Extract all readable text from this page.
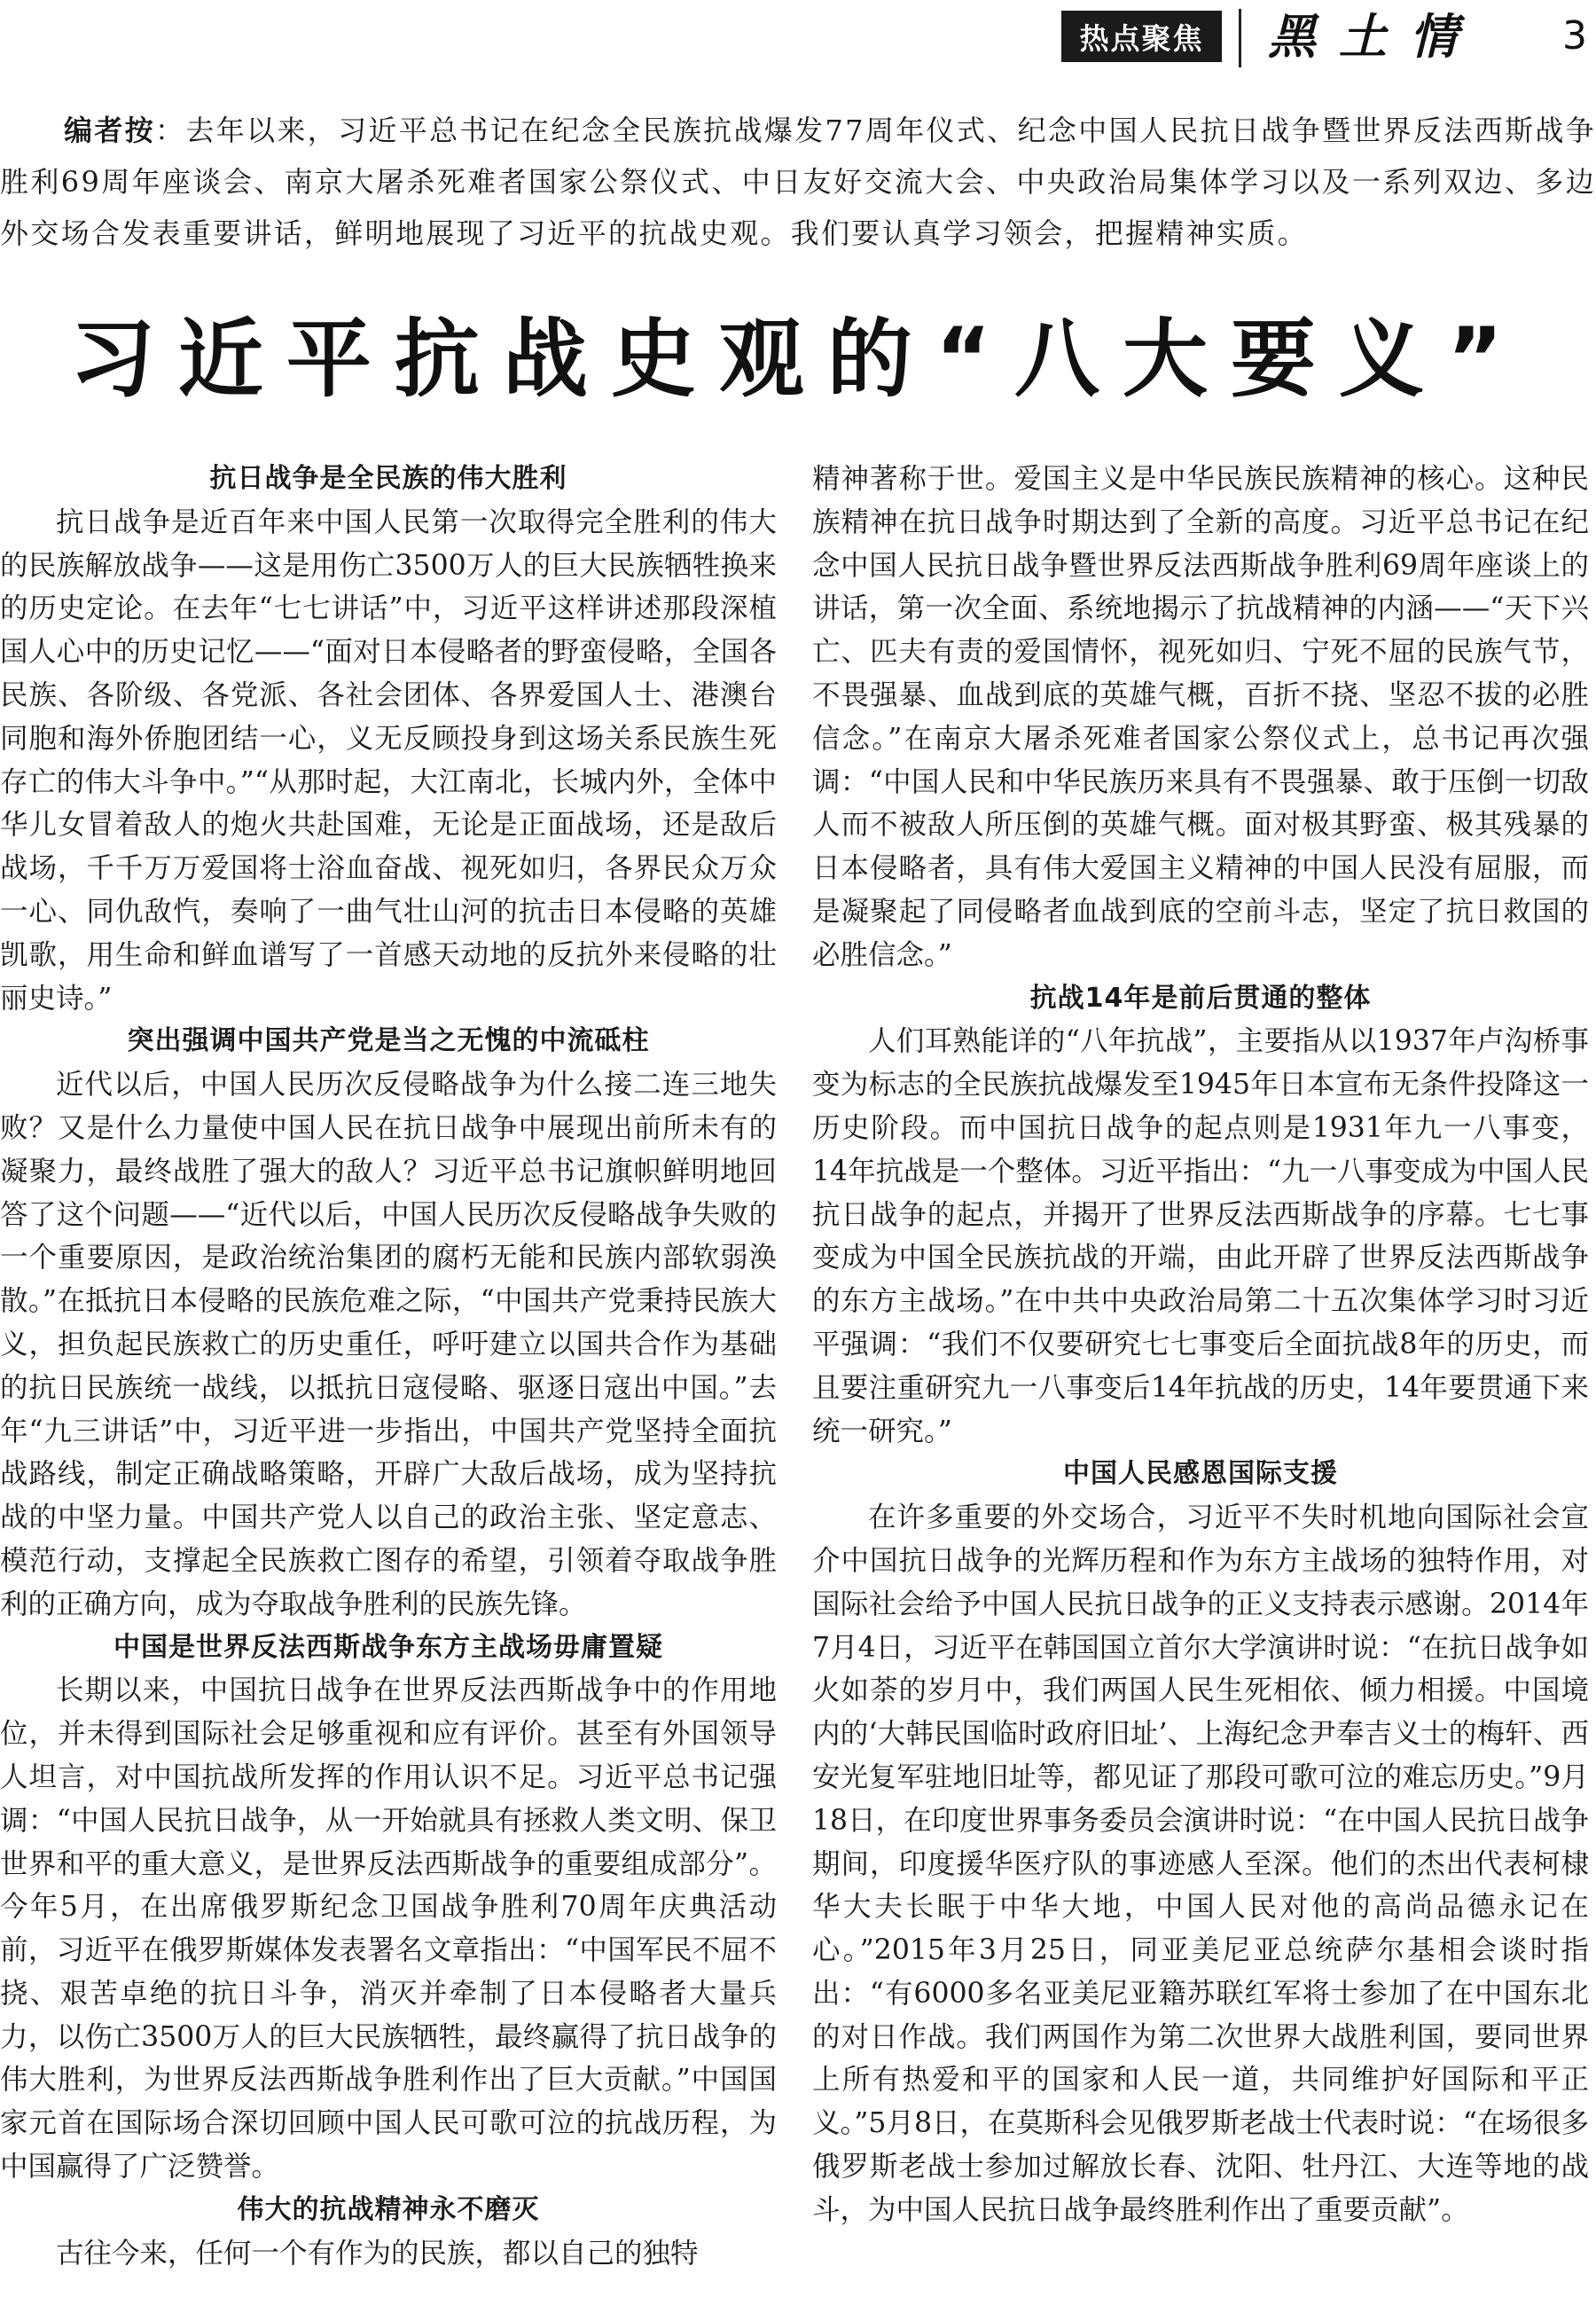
热点聚焦	黑土情	3

编者按：去年以来，习近平总书记在纪念全民族抗战爆发77周年仪式、纪念中国人民抗日战争暨世界反法西斯战争胜利69周年座谈会、南京大屠杀死难者国家公祭仪式、中日友好交流大会、中央政治局集体学习以及一系列双边、多边外交场合发表重要讲话，鲜明地展现了习近平的抗战史观。我们要认真学习领会，把握精神实质。

习近平抗战史观的“八大要义”
抗日战争是全民族的伟大胜利

抗日战争是近百年来中国人民第一次取得完全胜利的伟大的民族解放战争——这是用伤亡3500万人的巨大民族牺牲换来的历史定论。在去年“七七讲话”中，习近平这样讲述那段深植国人心中的历史记忆——“面对日本侵略者的野蛮侵略，全国各民族、各阶级、各党派、各社会团体、各界爱国人士、港澳台同胞和海外侨胞团结一心，义无反顾投身到这场关系民族生死存亡的伟大斗争中。”“从那时起，大江南北，长城内外，全体中华儿女冒着敌人的炮火共赴国难，无论是正面战场，还是敌后战场，千千万万爱国将士浴血奋战、视死如归，各界民众万众一心、同仇敌忾，奏响了一曲气壮山河的抗击日本侵略的英雄凯歌，用生命和鲜血谱写了一首感天动地的反抗外来侵略的壮丽史诗。”

突出强调中国共产党是当之无愧的中流砥柱

近代以后，中国人民历次反侵略战争为什么接二连三地失败？又是什么力量使中国人民在抗日战争中展现出前所未有的凝聚力，最终战胜了强大的敌人？习近平总书记旗帜鲜明地回答了这个问题——“近代以后，中国人民历次反侵略战争失败的一个重要原因，是政治统治集团的腐朽无能和民族内部软弱涣散。”在抵抗日本侵略的民族危难之际，“中国共产党秉持民族大义，担负起民族救亡的历史重任，呼吁建立以国共合作为基础的抗日民族统一战线，以抵抗日寇侵略、驱逐日寇出中国。”去年“九三讲话”中，习近平进一步指出，中国共产党坚持全面抗战路线，制定正确战略策略，开辟广大敌后战场，成为坚持抗战的中坚力量。中国共产党人以自己的政治主张、坚定意志、模范行动，支撑起全民族救亡图存的希望，引领着夺取战争胜利的正确方向，成为夺取战争胜利的民族先锋。

中国是世界反法西斯战争东方主战场毋庸置疑

长期以来，中国抗日战争在世界反法西斯战争中的作用地位，并未得到国际社会足够重视和应有评价。甚至有外国领导人坦言，对中国抗战所发挥的作用认识不足。习近平总书记强调：“中国人民抗日战争，从一开始就具有拯救人类文明、保卫世界和平的重大意义，是世界反法西斯战争的重要组成部分”。今年5月，在出席俄罗斯纪念卫国战争胜利70周年庆典活动前，习近平在俄罗斯媒体发表署名文章指出：“中国军民不屈不挠、艰苦卓绝的抗日斗争，消灭并牵制了日本侵略者大量兵力，以伤亡3500万人的巨大民族牺牲，最终赢得了抗日战争的伟大胜利，为世界反法西斯战争胜利作出了巨大贡献。”中国国家元首在国际场合深切回顾中国人民可歌可泣的抗战历程，为中国赢得了广泛赞誉。

伟大的抗战精神永不磨灭

古往今来，任何一个有作为的民族，都以自己的独特

精神著称于世。爱国主义是中华民族民族精神的核心。这种民族精神在抗日战争时期达到了全新的高度。习近平总书记在纪念中国人民抗日战争暨世界反法西斯战争胜利69周年座谈上的讲话，第一次全面、系统地揭示了抗战精神的内涵——“天下兴亡、匹夫有责的爱国情怀，视死如归、宁死不屈的民族气节，不畏强暴、血战到底的英雄气概，百折不挠、坚忍不拔的必胜信念。”在南京大屠杀死难者国家公祭仪式上，总书记再次强调：“中国人民和中华民族历来具有不畏强暴、敢于压倒一切敌人而不被敌人所压倒的英雄气概。面对极其野蛮、极其残暴的日本侵略者，具有伟大爱国主义精神的中国人民没有屈服，而是凝聚起了同侵略者血战到底的空前斗志，坚定了抗日救国的必胜信念。”

抗战14年是前后贯通的整体

人们耳熟能详的“八年抗战”，主要指从以1937年卢沟桥事变为标志的全民族抗战爆发至1945年日本宣布无条件投降这一历史阶段。而中国抗日战争的起点则是1931年九一八事变，14年抗战是一个整体。习近平指出：“九一八事变成为中国人民抗日战争的起点，并揭开了世界反法西斯战争的序幕。七七事变成为中国全民族抗战的开端，由此开辟了世界反法西斯战争的东方主战场。”在中共中央政治局第二十五次集体学习时习近平强调：“我们不仅要研究七七事变后全面抗战8年的历史，而且要注重研究九一八事变后14年抗战的历史，14年要贯通下来统一研究。”

中国人民感恩国际支援

在许多重要的外交场合，习近平不失时机地向国际社会宣介中国抗日战争的光辉历程和作为东方主战场的独特作用，对国际社会给予中国人民抗日战争的正义支持表示感谢。2014年7月4日，习近平在韩国国立首尔大学演讲时说：“在抗日战争如火如荼的岁月中，我们两国人民生死相依、倾力相援。中国境内的‘大韩民国临时政府旧址’、上海纪念尹奉吉义士的梅轩、西安光复军驻地旧址等，都见证了那段可歌可泣的难忘历史。”9月18日，在印度世界事务委员会演讲时说：“在中国人民抗日战争期间，印度援华医疗队的事迹感人至深。他们的杰出代表柯棣华大夫长眠于中华大地，中国人民对他的高尚品德永记在心。”2015年3月25日，同亚美尼亚总统萨尔基相会谈时指出：“有6000多名亚美尼亚籍苏联红军将士参加了在中国东北的对日作战。我们两国作为第二次世界大战胜利国，要同世界上所有热爱和平的国家和人民一道，共同维护好国际和平正义。”5月8日，在莫斯科会见俄罗斯老战士代表时说：“在场很多俄罗斯老战士参加过解放长春、沈阳、牡丹江、大连等地的战斗，为中国人民抗日战争最终胜利作出了重要贡献”。
